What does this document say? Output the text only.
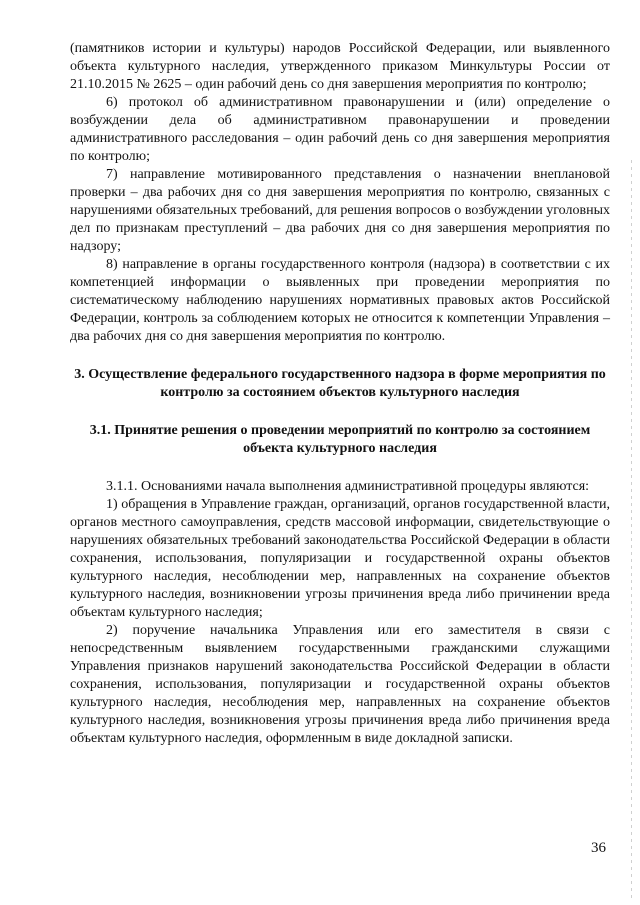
(памятников истории и культуры) народов Российской Федерации, или выявленного объекта культурного наследия, утвержденного приказом Минкультуры России от 21.10.2015 № 2625 – один рабочий день со дня завершения мероприятия по контролю;

6) протокол об административном правонарушении и (или) определение о возбуждении дела об административном правонарушении и проведении административного расследования – один рабочий день со дня завершения мероприятия по контролю;

7) направление мотивированного представления о назначении внеплановой проверки – два рабочих дня со дня завершения мероприятия по контролю, связанных с нарушениями обязательных требований, для решения вопросов о возбуждении уголовных дел по признакам преступлений – два рабочих дня со дня завершения мероприятия по надзору;

8) направление в органы государственного контроля (надзора) в соответствии с их компетенцией информации о выявленных при проведении мероприятия по систематическому наблюдению нарушениях нормативных правовых актов Российской Федерации, контроль за соблюдением которых не относится к компетенции Управления – два рабочих дня со дня завершения мероприятия по контролю.

3. Осуществление федерального государственного надзора в форме мероприятия по контролю за состоянием объектов культурного наследия

3.1. Принятие решения о проведении мероприятий по контролю за состоянием объекта культурного наследия

3.1.1. Основаниями начала выполнения административной процедуры являются:

1) обращения в Управление граждан, организаций, органов государственной власти, органов местного самоуправления, средств массовой информации, свидетельствующие о нарушениях обязательных требований законодательства Российской Федерации в области сохранения, использования, популяризации и государственной охраны объектов культурного наследия, несоблюдении мер, направленных на сохранение объектов культурного наследия, возникновении угрозы причинения вреда либо причинении вреда объектам культурного наследия;

2) поручение начальника Управления или его заместителя в связи с непосредственным выявлением государственными гражданскими служащими Управления признаков нарушений законодательства Российской Федерации в области сохранения, использования, популяризации и государственной охраны объектов культурного наследия, несоблюдения мер, направленных на сохранение объектов культурного наследия, возникновения угрозы причинения вреда либо причинения вреда объектам культурного наследия, оформленным в виде докладной записки.

36
